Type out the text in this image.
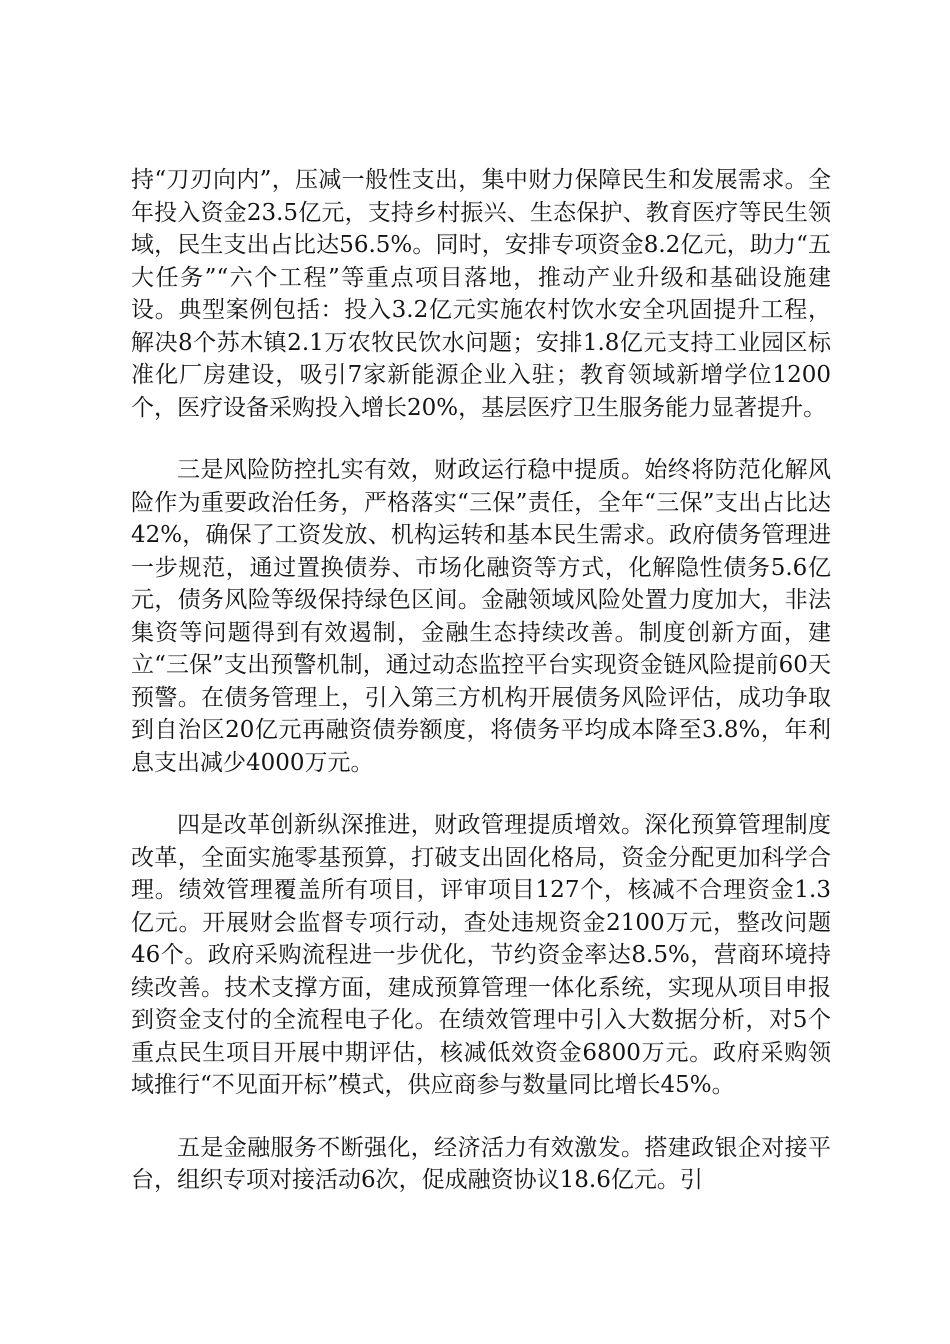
持“刀刃向内”，压减一般性支出，集中财力保障民生和发展需求。全年投入资金23.5亿元，支持乡村振兴、生态保护、教育医疗等民生领域，民生支出占比达56.5%。同时，安排专项资金8.2亿元，助力“五大任务”“六个工程”等重点项目落地，推动产业升级和基础设施建设。典型案例包括：投入3.2亿元实施农村饮水安全巩固提升工程，解决8个苏木镇2.1万农牧民饮水问题；安排1.8亿元支持工业园区标准化厂房建设，吸引7家新能源企业入驻；教育领域新增学位1200个，医疗设备采购投入增长20%，基层医疗卫生服务能力显著提升。

三是风险防控扎实有效，财政运行稳中提质。始终将防范化解风险作为重要政治任务，严格落实“三保”责任，全年“三保”支出占比达42%，确保了工资发放、机构运转和基本民生需求。政府债务管理进一步规范，通过置换债券、市场化融资等方式，化解隐性债务5.6亿元，债务风险等级保持绿色区间。金融领域风险处置力度加大，非法集资等问题得到有效遏制，金融生态持续改善。制度创新方面，建立“三保”支出预警机制，通过动态监控平台实现资金链风险提前60天预警。在债务管理上，引入第三方机构开展债务风险评估，成功争取到自治区20亿元再融资债券额度，将债务平均成本降至3.8%，年利息支出减少4000万元。

四是改革创新纵深推进，财政管理提质增效。深化预算管理制度改革，全面实施零基预算，打破支出固化格局，资金分配更加科学合理。绩效管理覆盖所有项目，评审项目127个，核减不合理资金1.3亿元。开展财会监督专项行动，查处违规资金2100万元，整改问题46个。政府采购流程进一步优化，节约资金率达8.5%，营商环境持续改善。技术支撑方面，建成预算管理一体化系统，实现从项目申报到资金支付的全流程电子化。在绩效管理中引入大数据分析，对5个重点民生项目开展中期评估，核减低效资金6800万元。政府采购领域推行“不见面开标”模式，供应商参与数量同比增长45%。

五是金融服务不断强化，经济活力有效激发。搭建政银企对接平台，组织专项对接活动6次，促成融资协议18.6亿元。引
